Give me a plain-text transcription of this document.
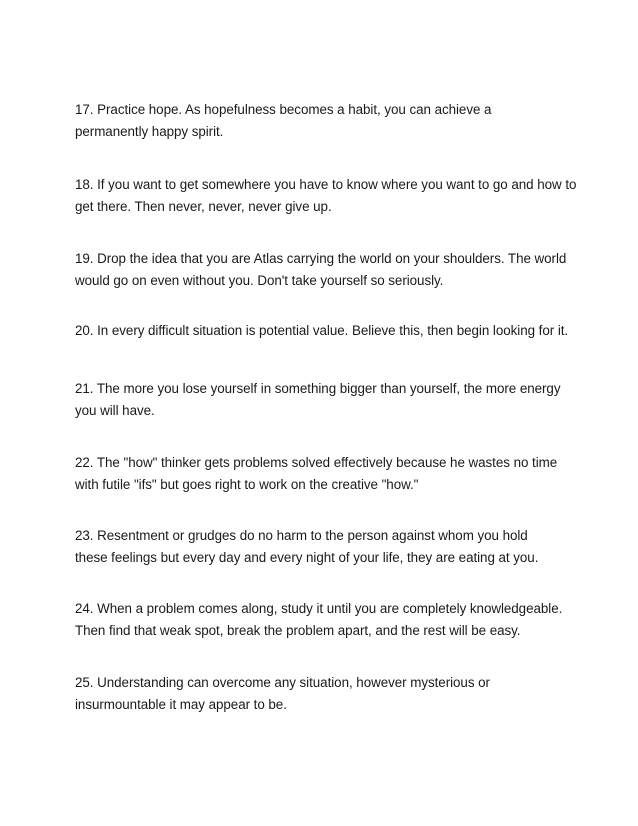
17. Practice hope. As hopefulness becomes a habit, you can achieve a
permanently happy spirit.
18. If you want to get somewhere you have to know where you want to go and how to
get there. Then never, never, never give up.
19. Drop the idea that you are Atlas carrying the world on your shoulders. The world
would go on even without you. Don't take yourself so seriously.
20. In every difficult situation is potential value. Believe this, then begin looking for it.
21. The more you lose yourself in something bigger than yourself, the more energy
you will have.
22. The "how" thinker gets problems solved effectively because he wastes no time
with futile "ifs" but goes right to work on the creative "how."
23. Resentment or grudges do no harm to the person against whom you hold
these feelings but every day and every night of your life, they are eating at you.
24. When a problem comes along, study it until you are completely knowledgeable.
Then find that weak spot, break the problem apart, and the rest will be easy.
25. Understanding can overcome any situation, however mysterious or
insurmountable it may appear to be.
